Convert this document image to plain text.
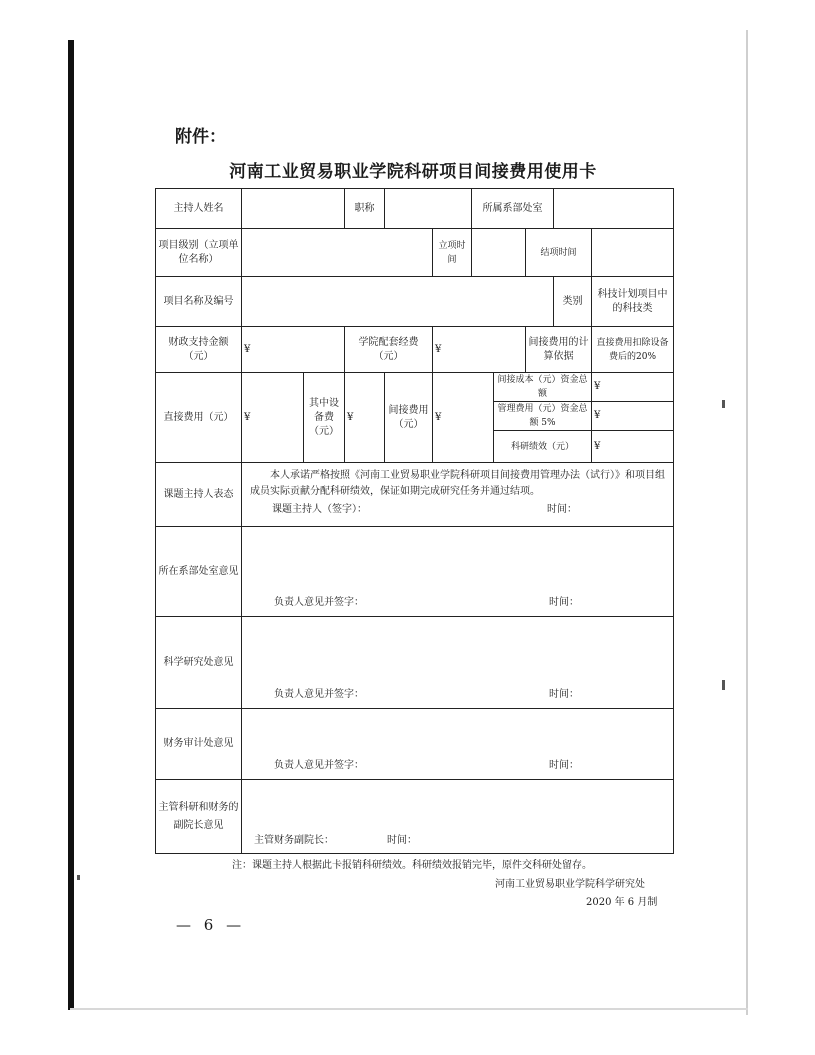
附件：
河南工业贸易职业学院科研项目间接费用使用卡
主持人姓名			职称			所属系部处室				
项目级别（立项单位名称）					立项时间			结项时间		
项目名称及编号									类别	科技计划项目中的科技类
财政支持金额（元）	¥		学院配套经费（元）		¥			间接费用的计算依据		直接费用扣除设备费后的20%
直接费用（元）	¥	其中设备费（元）	¥	间接费用（元）	¥		间接成本（元）资金总额			¥
							管理费用（元）资金总额 5%			¥
							科研绩效（元）			¥
课题主持人表态	本人承诺严格按照《河南工业贸易职业学院科研项目间接费用管理办法（试行）》和项目组成员实际贡献分配科研绩效，保证如期完成研究任务并通过结项。
课题主持人（签字）： 时间：									

所在系部处室意见	负责人意见并签字： 时间：									

科学研究处意见	负责人意见并签字： 时间：									

财务审计处意见	负责人意见并签字： 时间：									

主管科研和财务的副院长意见	主管财务副院长： 时间：									
注：课题主持人根据此卡报销科研绩效。科研绩效报销完毕，原件交科研处留存。
河南工业贸易职业学院科学研究处
2020 年 6 月制
— 6 —
